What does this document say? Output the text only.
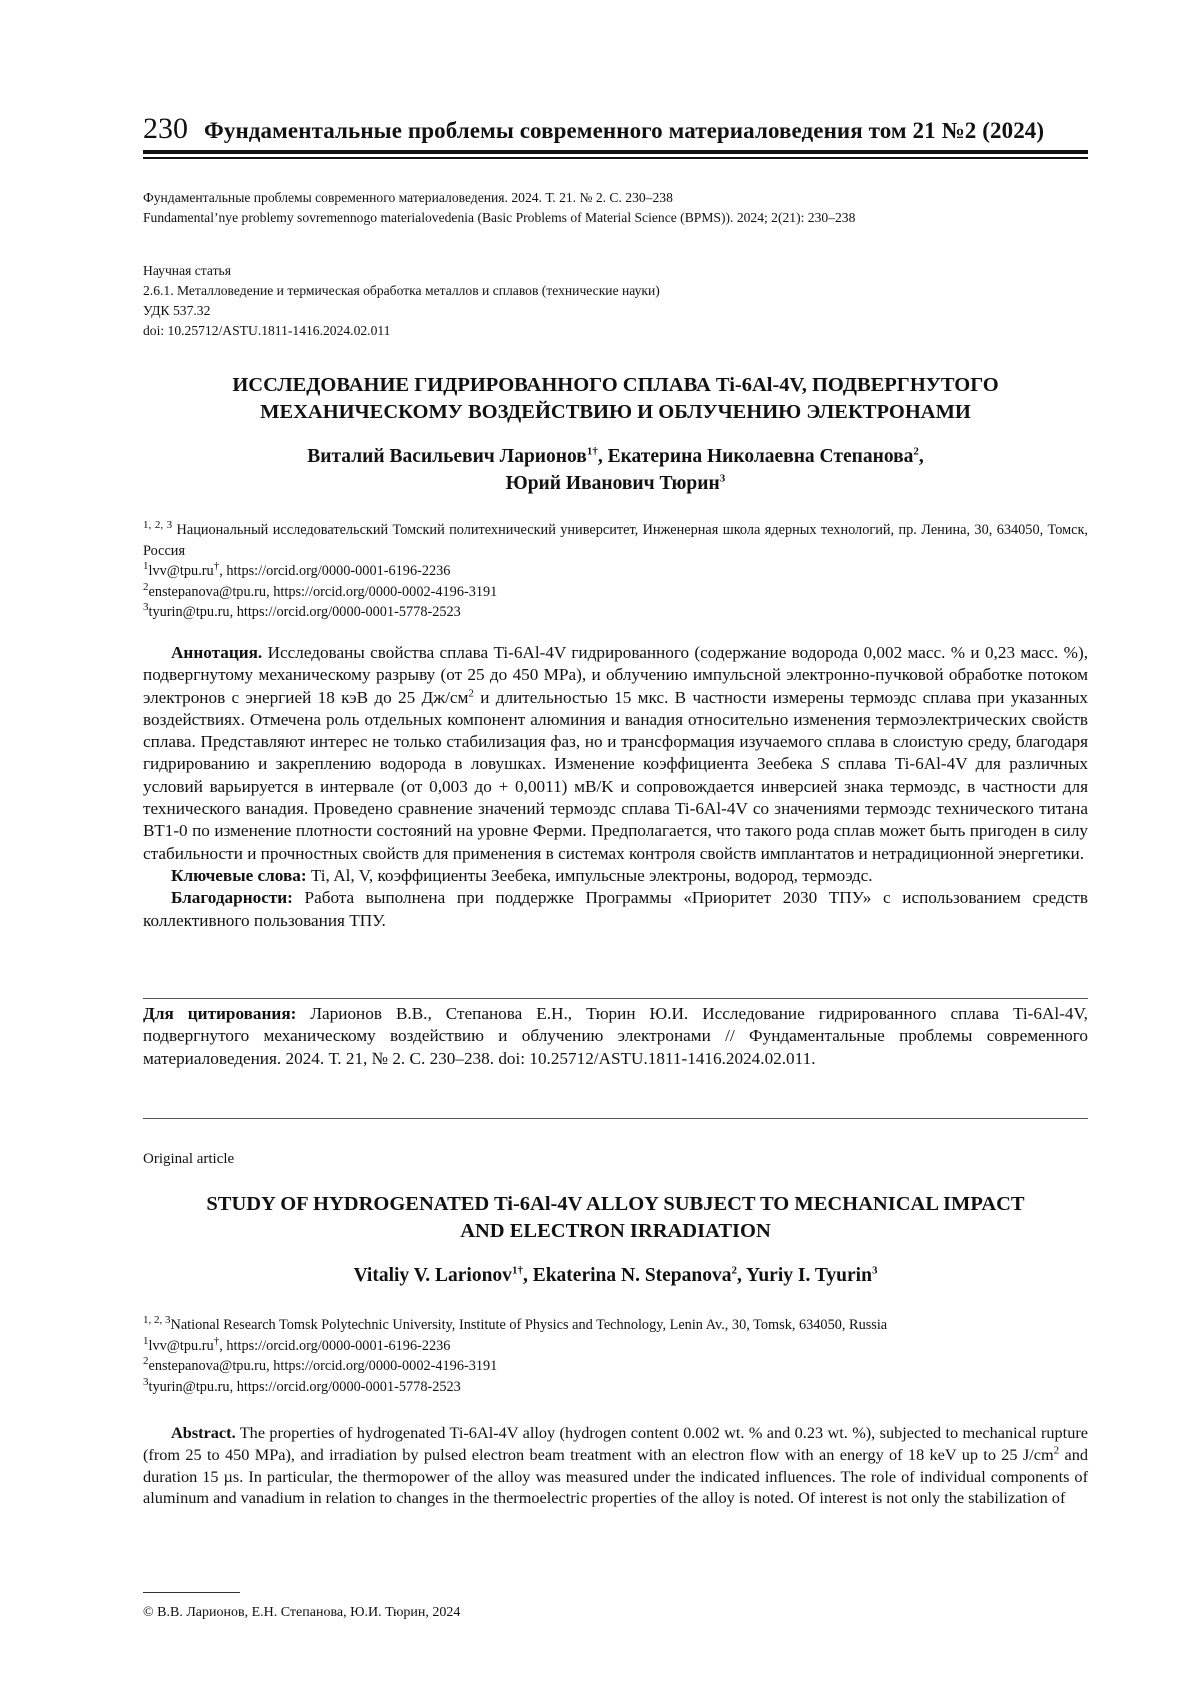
230 Фундаментальные проблемы современного материаловедения том 21 №2 (2024)
Фундаментальные проблемы современного материаловедения. 2024. Т. 21. № 2. С. 230–238
Fundamental’nye problemy sovremennogo materialovedenia (Basic Problems of Material Science (BPMS)). 2024; 2(21): 230–238
Научная статья
2.6.1. Металловедение и термическая обработка металлов и сплавов (технические науки)
УДК 537.32
doi: 10.25712/ASTU.1811-1416.2024.02.011
ИССЛЕДОВАНИЕ ГИДРИРОВАННОГО СПЛАВА Ti-6Al-4V, ПОДВЕРГНУТОГО
МЕХАНИЧЕСКОМУ ВОЗДЕЙСТВИЮ И ОБЛУЧЕНИЮ ЭЛЕКТРОНАМИ
Виталий Васильевич Ларионов$^{1\dagger}$, Екатерина Николаевна Степанова$^2$,
Юрий Иванович Тюрин$^3$
$^{1, 2, 3}$ Национальный исследовательский Томский политехнический университет, Инженерная школа ядерных технологий, пр. Ленина, 30, 634050, Томск, Россия
$^1$lvv@tpu.ru†, https://orcid.org/0000-0001-6196-2236
$^2$enstepanova@tpu.ru, https://orcid.org/0000-0002-4196-3191
$^3$tyurin@tpu.ru, https://orcid.org/0000-0001-5778-2523
Аннотация. Исследованы свойства сплава Ti-6Al-4V гидрированного (содержание водорода 0,002 масс. % и 0,23 масс. %), подвергнутому механическому разрыву (от 25 до 450 MPa), и облучению импульсной электронно-пучковой обработке потоком электронов с энергией 18 кэВ до 25 $Дж/см^2$ и длительностью 15 мкс. В частности измерены термоэдс сплава при указанных воздействиях. Отмечена роль отдельных компонент алюминия и ванадия относительно изменения термоэлектрических свойств сплава. Представляют интерес не только стабилизация фаз, но и трансформация изучаемого сплава в слоистую среду, благодаря гидрированию и закреплению водорода в ловушках. Изменение коэффициента Зеебека S сплава Ti-6Al-4V для различных условий варьируется в интервале (от 0,003 до + 0,0011) мВ/K и сопровождается инверсией знака термоэдс, в частности для технического ванадия. Проведено сравнение значений термоэдс сплава Ti-6Al-4V со значениями термоэдс технического титана ВТ1-0 по изменение плотности состояний на уровне Ферми. Предполагается, что такого рода сплав может быть пригоден в силу стабильности и прочностных свойств для применения в системах контроля свойств имплантатов и нетрадиционной энергетики.
Ключевые слова: Ti, Al, V, коэффициенты Зеебека, импульсные электроны, водород, термоэдс.
Благодарности: Работа выполнена при поддержке Программы «Приоритет 2030 ТПУ» с использованием средств коллективного пользования ТПУ.
Для цитирования: Ларионов В.В., Степанова Е.Н., Тюрин Ю.И. Исследование гидрированного сплава Ti-6Al-4V, подвергнутого механическому воздействию и облучению электронами // Фундаментальные проблемы современного материаловедения. 2024. Т. 21, № 2. С. 230–238. doi: 10.25712/ASTU.1811-1416.2024.02.011.
Original article
STUDY OF HYDROGENATED Ti-6Al-4V ALLOY SUBJECT TO MECHANICAL IMPACT
AND ELECTRON IRRADIATION
Vitaliy V. Larionov$^{1\dagger}$, Ekaterina N. Stepanova$^2$, Yuriy I. Tyurin$^3$
$^{1, 2, 3}$National Research Tomsk Polytechnic University, Institute of Physics and Technology, Lenin Av., 30, Tomsk, 634050, Russia
$^1$lvv@tpu.ru†, https://orcid.org/0000-0001-6196-2236
$^2$enstepanova@tpu.ru, https://orcid.org/0000-0002-4196-3191
$^3$tyurin@tpu.ru, https://orcid.org/0000-0001-5778-2523
Abstract. The properties of hydrogenated Ti-6Al-4V alloy (hydrogen content 0.002 wt. % and 0.23 wt. %), subjected to mechanical rupture (from 25 to 450 MPa), and irradiation by pulsed electron beam treatment with an electron flow with an energy of 18 keV up to 25 $J/cm^2$ and duration 15 µs. In particular, the thermopower of the alloy was measured under the indicated influences. The role of individual components of aluminum and vanadium in relation to changes in the thermoelectric properties of the alloy is noted. Of interest is not only the stabilization of
© В.В. Ларионов, Е.Н. Степанова, Ю.И. Тюрин, 2024
